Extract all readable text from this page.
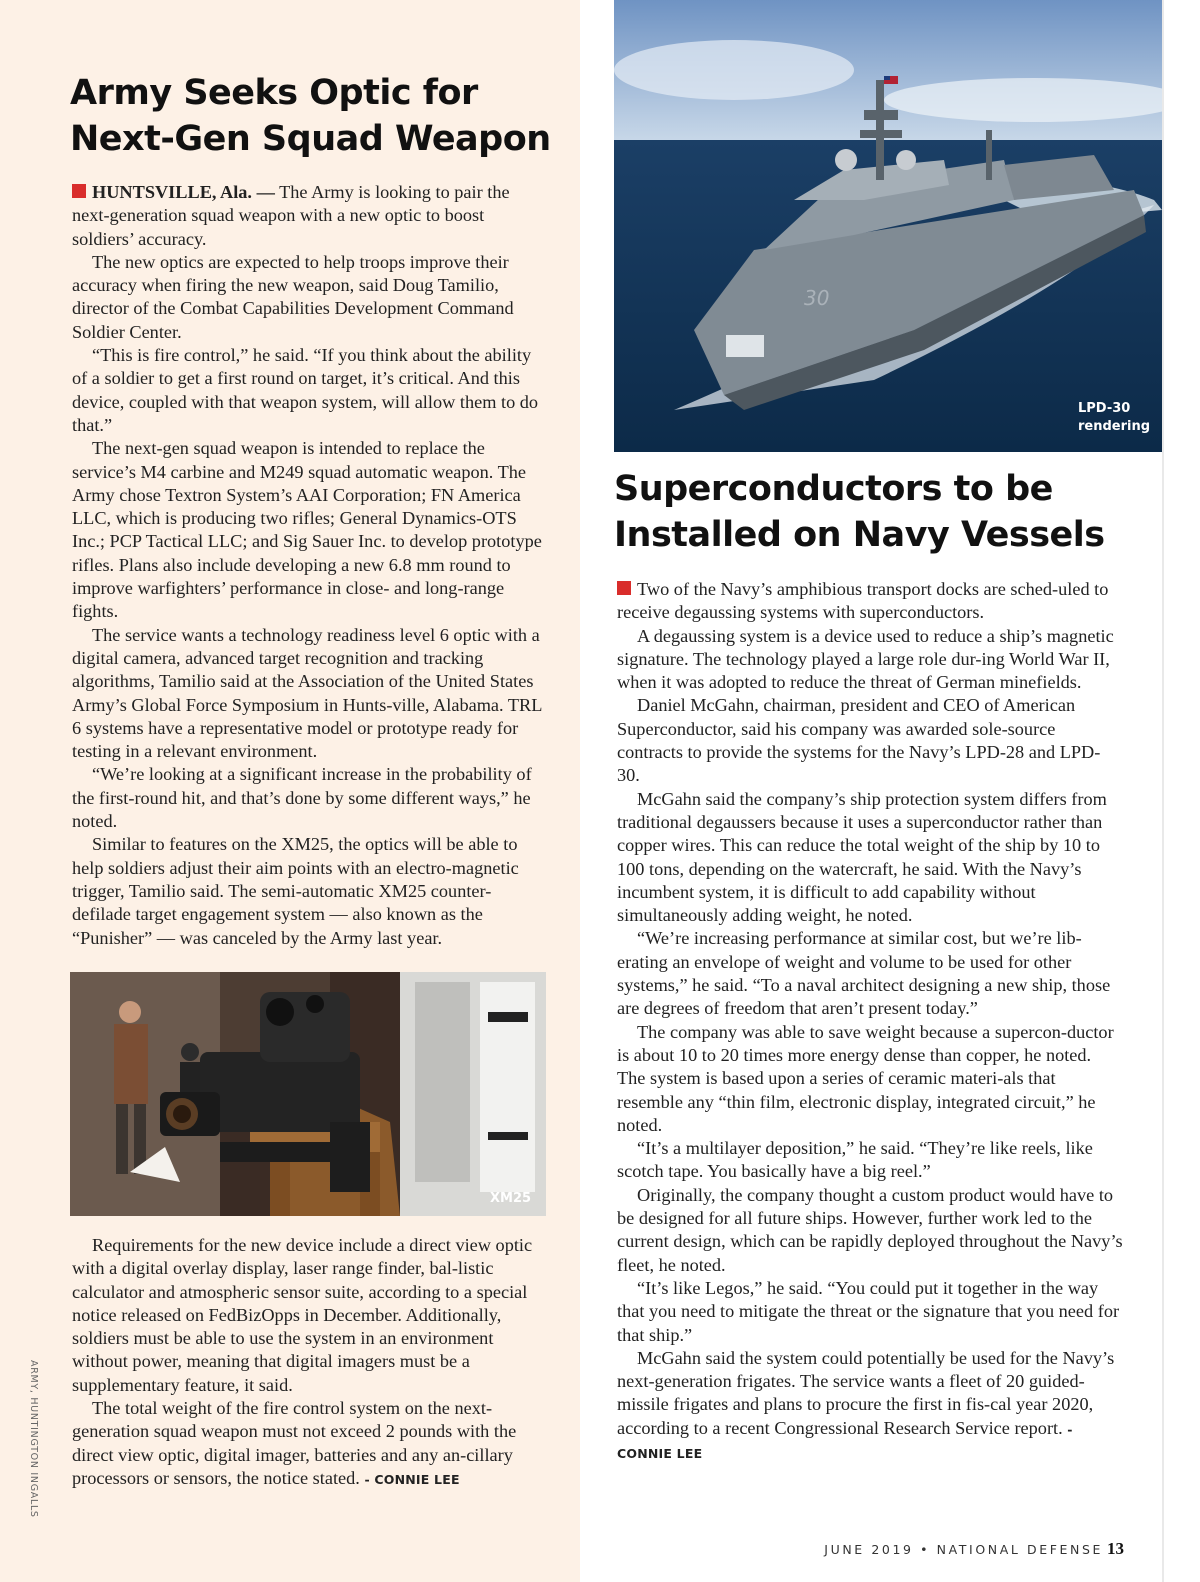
Army Seeks Optic for
Next-Gen Squad Weapon

HUNTSVILLE, Ala. — The Army is looking to pair the next-generation squad weapon with a new optic to boost soldiers’ accuracy.

The new optics are expected to help troops improve their accuracy when firing the new weapon, said Doug Tamilio, director of the Combat Capabilities Development Command Soldier Center.

“This is fire control,” he said. “If you think about the ability of a soldier to get a first round on target, it’s critical. And this device, coupled with that weapon system, will allow them to do that.”

The next-gen squad weapon is intended to replace the service’s M4 carbine and M249 squad automatic weapon. The Army chose Textron System’s AAI Corporation; FN America LLC, which is producing two rifles; General Dynamics-OTS Inc.; PCP Tactical LLC; and Sig Sauer Inc. to develop prototype rifles. Plans also include developing a new 6.8 mm round to improve warfighters’ performance in close- and long-range fights.

The service wants a technology readiness level 6 optic with a digital camera, advanced target recognition and tracking algorithms, Tamilio said at the Association of the United States Army’s Global Force Symposium in Hunts-ville, Alabama. TRL 6 systems have a representative model or prototype ready for testing in a relevant environment.

“We’re looking at a significant increase in the probability of the first-round hit, and that’s done by some different ways,” he noted.

Similar to features on the XM25, the optics will be able to help soldiers adjust their aim points with an electro-magnetic trigger, Tamilio said. The semi-automatic XM25 counter-defilade target engagement system — also known as the “Punisher” — was canceled by the Army last year.

XM25

Requirements for the new device include a direct view optic with a digital overlay display, laser range finder, bal-listic calculator and atmospheric sensor suite, according to a special notice released on FedBizOpps in December. Additionally, soldiers must be able to use the system in an environment without power, meaning that digital imagers must be a supplementary feature, it said.

The total weight of the fire control system on the next-generation squad weapon must not exceed 2 pounds with the direct view optic, digital imager, batteries and any an-cillary processors or sensors, the notice stated. - CONNIE LEE

30
LPD-30
rendering
Superconductors to be
Installed on Navy Vessels

Two of the Navy’s amphibious transport docks are sched-uled to receive degaussing systems with superconductors.

A degaussing system is a device used to reduce a ship’s magnetic signature. The technology played a large role dur-ing World War II, when it was adopted to reduce the threat of German minefields.

Daniel McGahn, chairman, president and CEO of American Superconductor, said his company was awarded sole-source contracts to provide the systems for the Navy’s LPD-28 and LPD-30.

McGahn said the company’s ship protection system differs from traditional degaussers because it uses a superconductor rather than copper wires. This can reduce the total weight of the ship by 10 to 100 tons, depending on the watercraft, he said. With the Navy’s incumbent system, it is difficult to add capability without simultaneously adding weight, he noted.

“We’re increasing performance at similar cost, but we’re lib-erating an envelope of weight and volume to be used for other systems,” he said. “To a naval architect designing a new ship, those are degrees of freedom that aren’t present today.”

The company was able to save weight because a supercon-ductor is about 10 to 20 times more energy dense than copper, he noted. The system is based upon a series of ceramic materi-als that resemble any “thin film, electronic display, integrated circuit,” he noted.

“It’s a multilayer deposition,” he said. “They’re like reels, like scotch tape. You basically have a big reel.”

Originally, the company thought a custom product would have to be designed for all future ships. However, further work led to the current design, which can be rapidly deployed throughout the Navy’s fleet, he noted.

“It’s like Legos,” he said. “You could put it together in the way that you need to mitigate the threat or the signature that you need for that ship.”

McGahn said the system could potentially be used for the Navy’s next-generation frigates. The service wants a fleet of 20 guided-missile frigates and plans to procure the first in fis-cal year 2020, according to a recent Congressional Research Service report. - CONNIE LEE

ARMY, HUNTINGTON INGALLS
JUNE 2019 • NATIONAL DEFENSE 13
